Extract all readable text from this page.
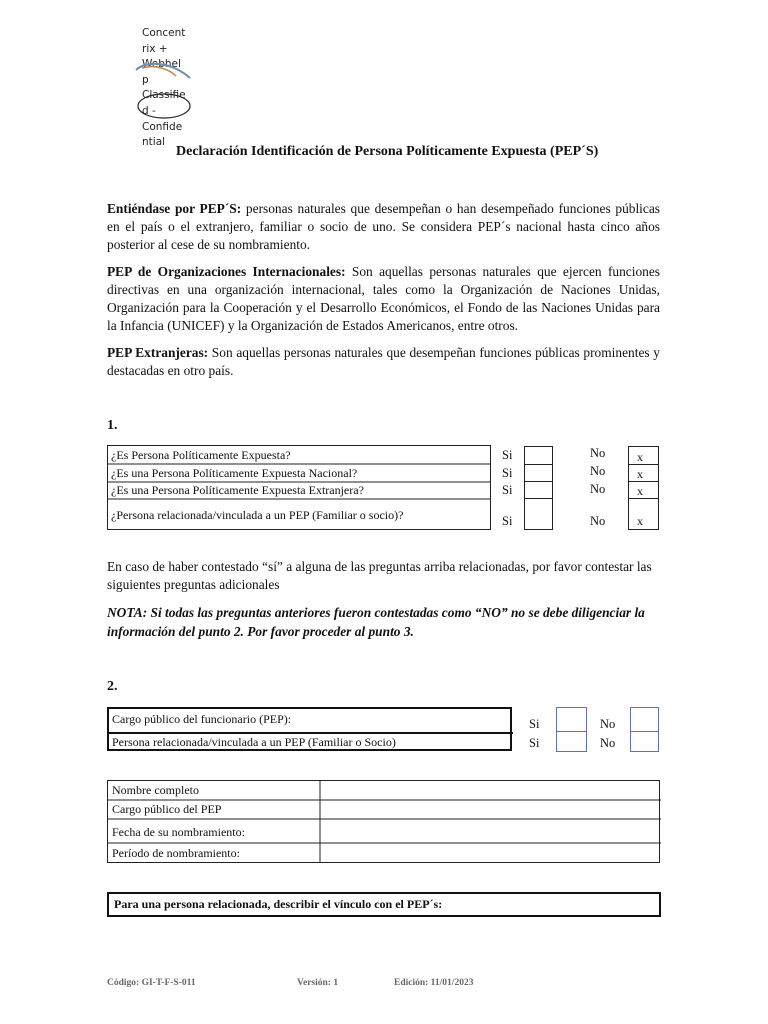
Concent
rix +
Webhel
p
Classifie
d -
Confide
ntial
Declaración Identificación de Persona Políticamente Expuesta (PEP´S)
Entiéndase por PEP´S: personas naturales que desempeñan o han desempeñado funciones públicas en el país o el extranjero, familiar o socio de uno. Se considera PEP´s nacional hasta cinco años posterior al cese de su nombramiento.
PEP de Organizaciones Internacionales: Son aquellas personas naturales que ejercen funciones directivas en una organización internacional, tales como la Organización de Naciones Unidas, Organización para la Cooperación y el Desarrollo Económicos, el Fondo de las Naciones Unidas para la Infancia (UNICEF) y la Organización de Estados Americanos, entre otros.
PEP Extranjeras: Son aquellas personas naturales que desempeñan funciones públicas prominentes y destacadas en otro país.
1.
¿Es Persona Políticamente Expuesta?
¿Es una Persona Políticamente Expuesta Nacional?
¿Es una Persona Políticamente Expuesta Extranjera?
¿Persona relacionada/vinculada a un PEP (Familiar o socio)?
Si
Si
Si
Si
No
No
No
No
x
x
x
x
En caso de haber contestado “sí” a alguna de las preguntas arriba relacionadas, por favor contestar las siguientes preguntas adicionales
NOTA: Si todas las preguntas anteriores fueron contestadas como “NO” no se debe diligenciar la información del punto 2. Por favor proceder al punto 3.
2.
Cargo público del funcionario (PEP):
Persona relacionada/vinculada a un PEP (Familiar o Socio)
Si
Si
No
No
Nombre completo
Cargo público del PEP
Fecha de su nombramiento:
Período de nombramiento:
Para una persona relacionada, describir el vínculo con el PEP´s:
Código: GI-T-F-S-011	Versión: 1	Edición: 11/01/2023
